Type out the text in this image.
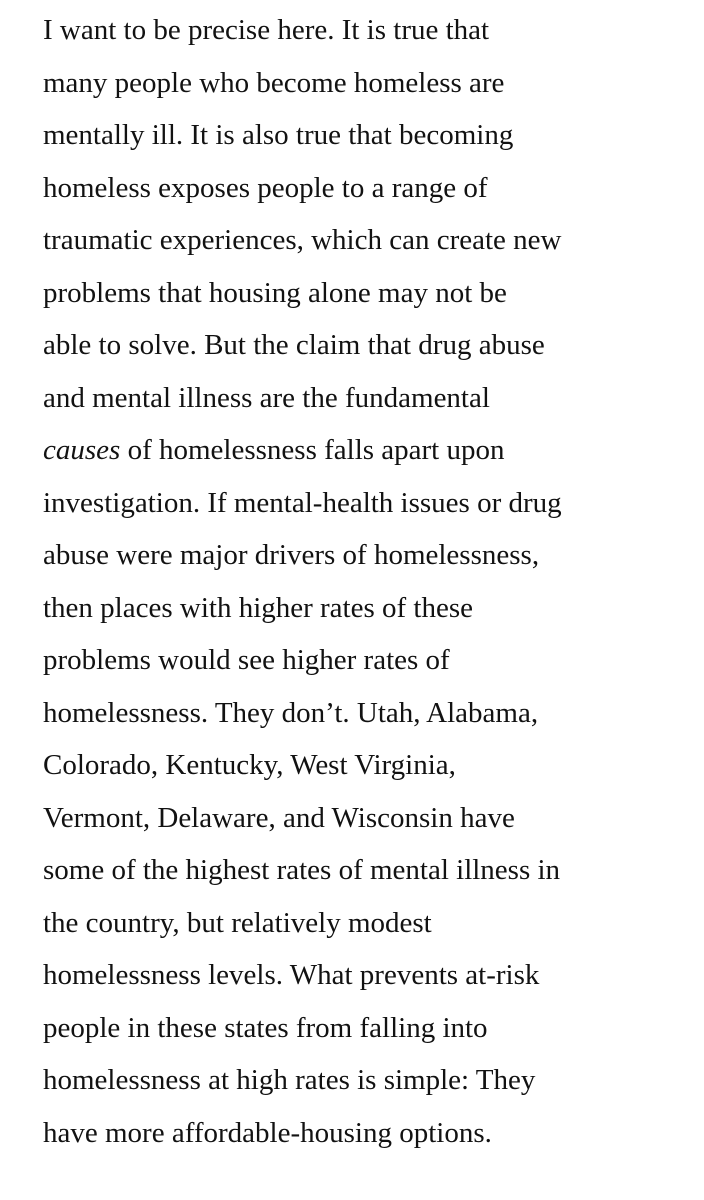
I want to be precise here. It is true that
many people who become homeless are
mentally ill. It is also true that becoming
homeless exposes people to a range of
traumatic experiences, which can create new
problems that housing alone may not be
able to solve. But the claim that drug abuse
and mental illness are the fundamental
causes of homelessness falls apart upon
investigation. If mental-health issues or drug
abuse were major drivers of homelessness,
then places with higher rates of these
problems would see higher rates of
homelessness. They don’t. Utah, Alabama,
Colorado, Kentucky, West Virginia,
Vermont, Delaware, and Wisconsin have
some of the highest rates of mental illness in
the country, but relatively modest
homelessness levels. What prevents at-risk
people in these states from falling into
homelessness at high rates is simple: They
have more affordable-housing options.
